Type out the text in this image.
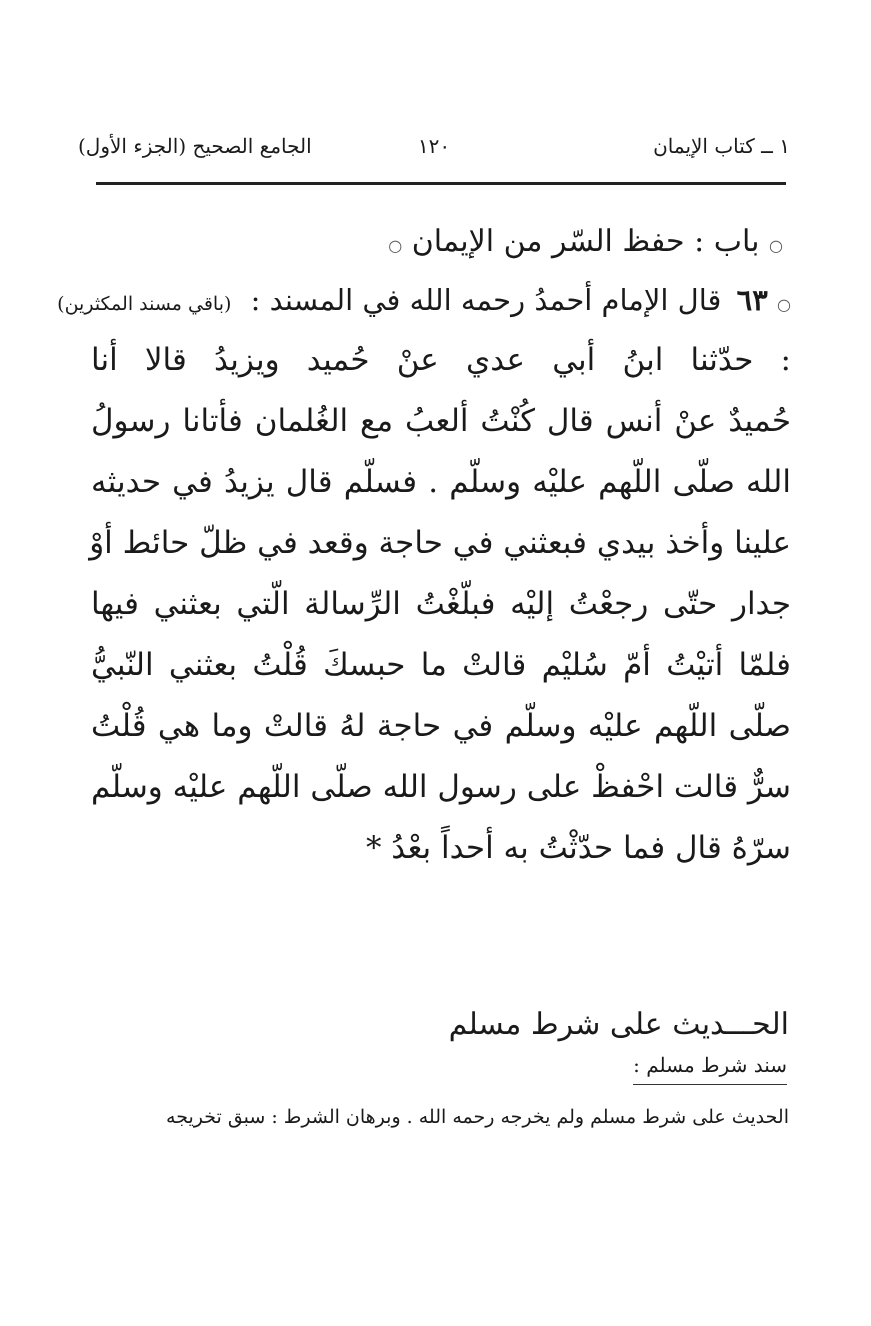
١ ــ كتاب الإيمان
١٢٠
الجامع الصحيح (الجزء الأول)
○ باب : حفظ السّر من الإيمان ○
○ ٦٣ قال الإمام أحمدُ رحمه الله في المسند : (باقي مسند المكثرين)
: حدّثنا ابنُ أبي عدي عنْ حُميد ويزيدُ قالا أنا
حُميدٌ عنْ أنس قال كُنْتُ ألعبُ مع الغُلمان فأتانا رسولُ
الله صلّى اللّهم عليْه وسلّم . فسلّم قال يزيدُ في حديثه
علينا وأخذ بيدي فبعثني في حاجة وقعد في ظلّ حائط أوْ
جدار حتّى رجعْتُ إليْه فبلّغْتُ الرِّسالة الّتي بعثني فيها
فلمّا أتيْتُ أمّ سُليْم قالتْ ما حبسكَ قُلْتُ بعثني النّبيُّ
صلّى اللّهم عليْه وسلّم في حاجة لهُ قالتْ وما هي قُلْتُ
سرٌّ قالت احْفظْ على رسول الله صلّى اللّهم عليْه وسلّم
سرّهُ قال فما حدّثْتُ به أحداً بعْدُ *
الحـــديث على شرط مسلم
سند شرط مسلم :
الحديث على شرط مسلم ولم يخرجه رحمه الله . وبرهان الشرط : سبق تخريجه
